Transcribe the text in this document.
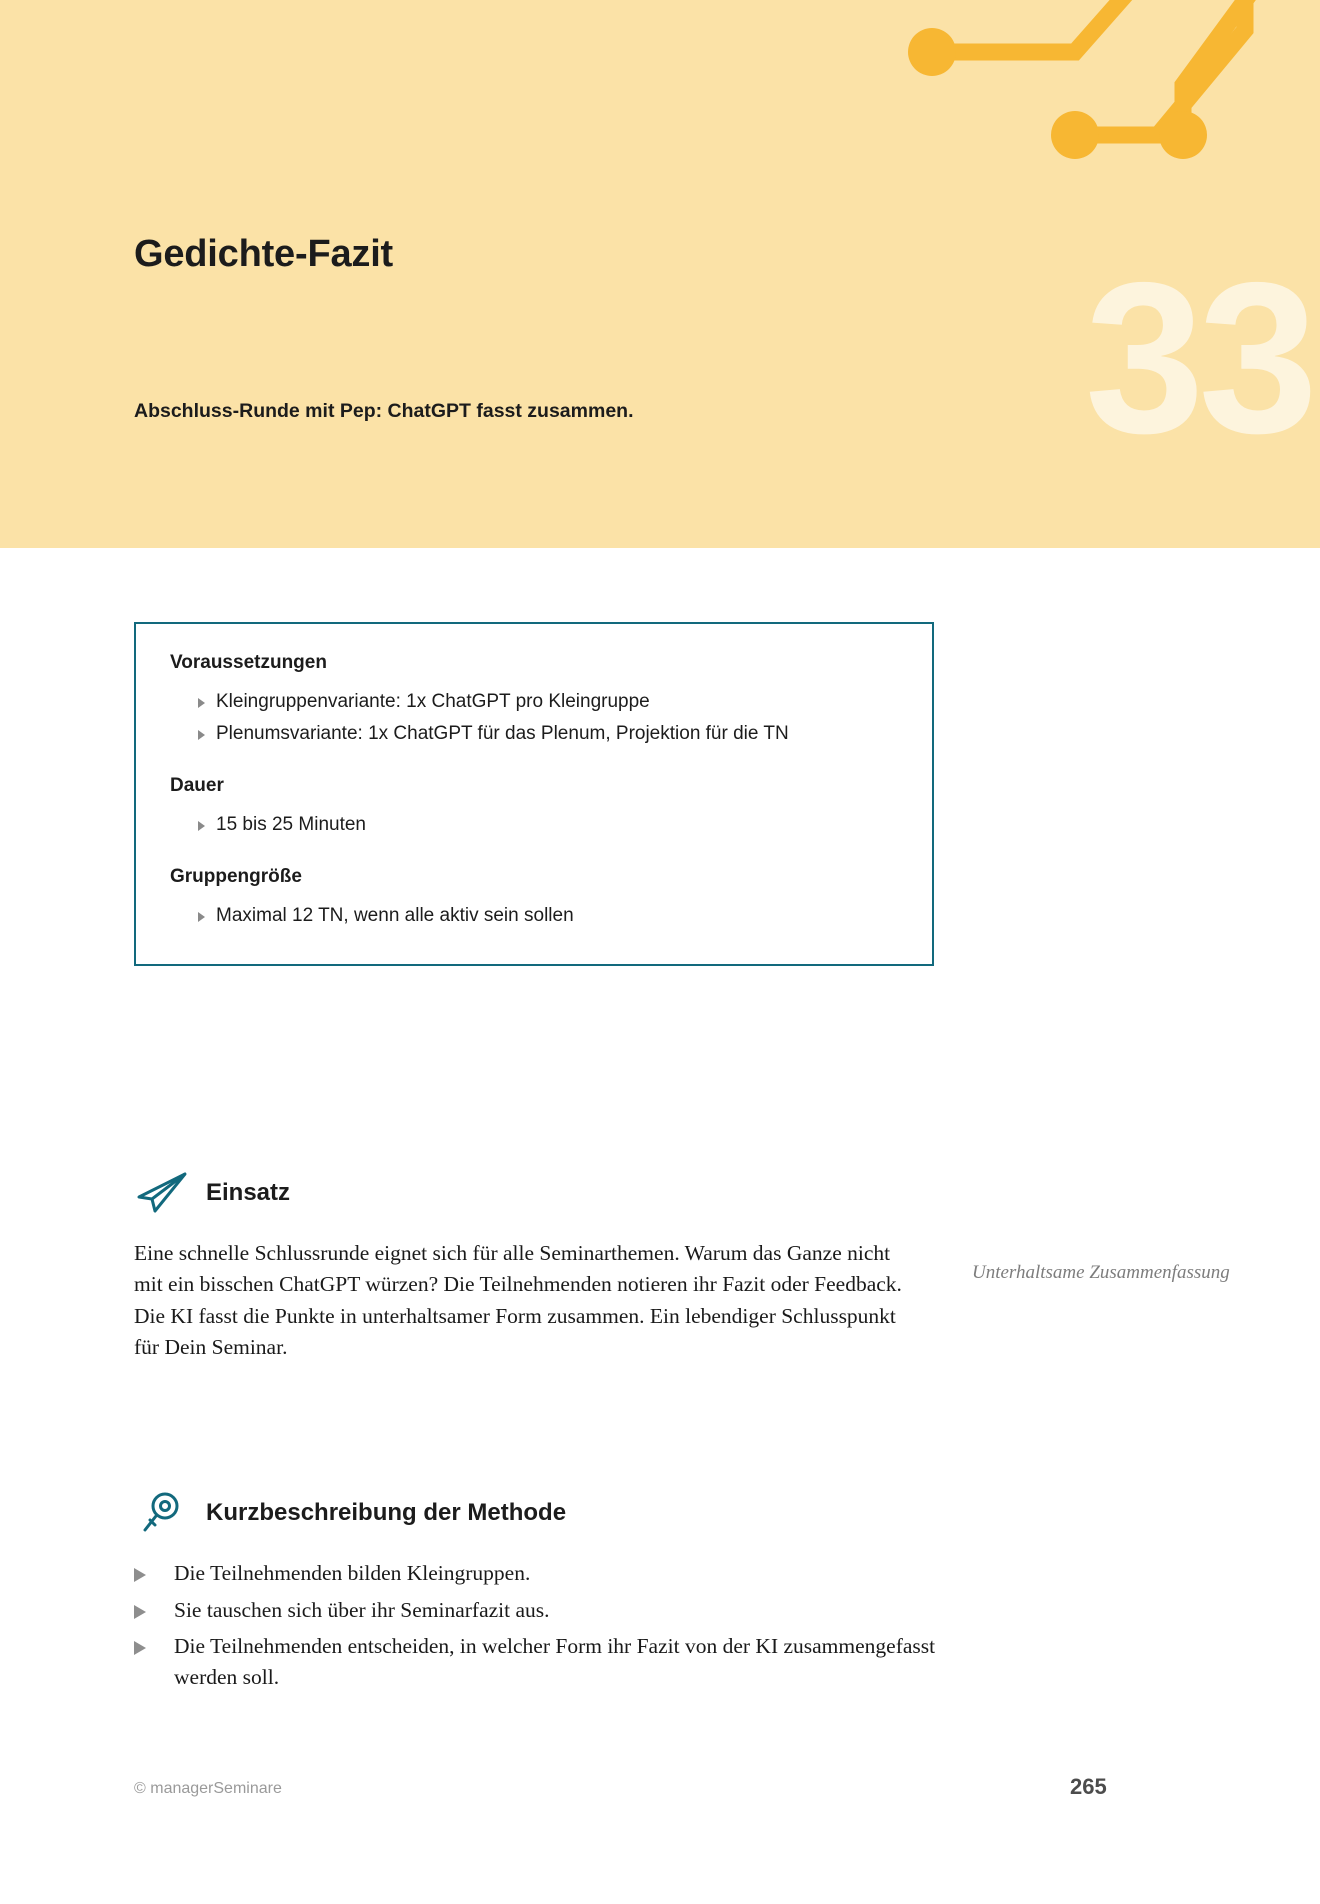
33
Gedichte-Fazit
Abschluss-Runde mit Pep: ChatGPT fasst zusammen.
Voraussetzungen
Kleingruppenvariante: 1x ChatGPT pro Kleingruppe
Plenumsvariante: 1x ChatGPT für das Plenum, Projektion für die TN
Dauer
15 bis 25 Minuten
Gruppengröße
Maximal 12 TN, wenn alle aktiv sein sollen
Einsatz

Eine schnelle Schlussrunde eignet sich für alle Seminarthemen. Warum das Ganze nicht mit ein bisschen ChatGPT würzen? Die Teilnehmenden notieren ihr Fazit oder Feedback. Die KI fasst die Punkte in unterhaltsamer Form zusammen. Ein lebendiger Schlusspunkt für Dein Seminar.

Unterhaltsame Zusammenfassung
Kurzbeschreibung der Methode
Die Teilnehmenden bilden Kleingruppen.
Sie tauschen sich über ihr Seminarfazit aus.
Die Teilnehmenden entscheiden, in welcher Form ihr Fazit von der KI zusammengefasst werden soll.
© managerSeminare	265
